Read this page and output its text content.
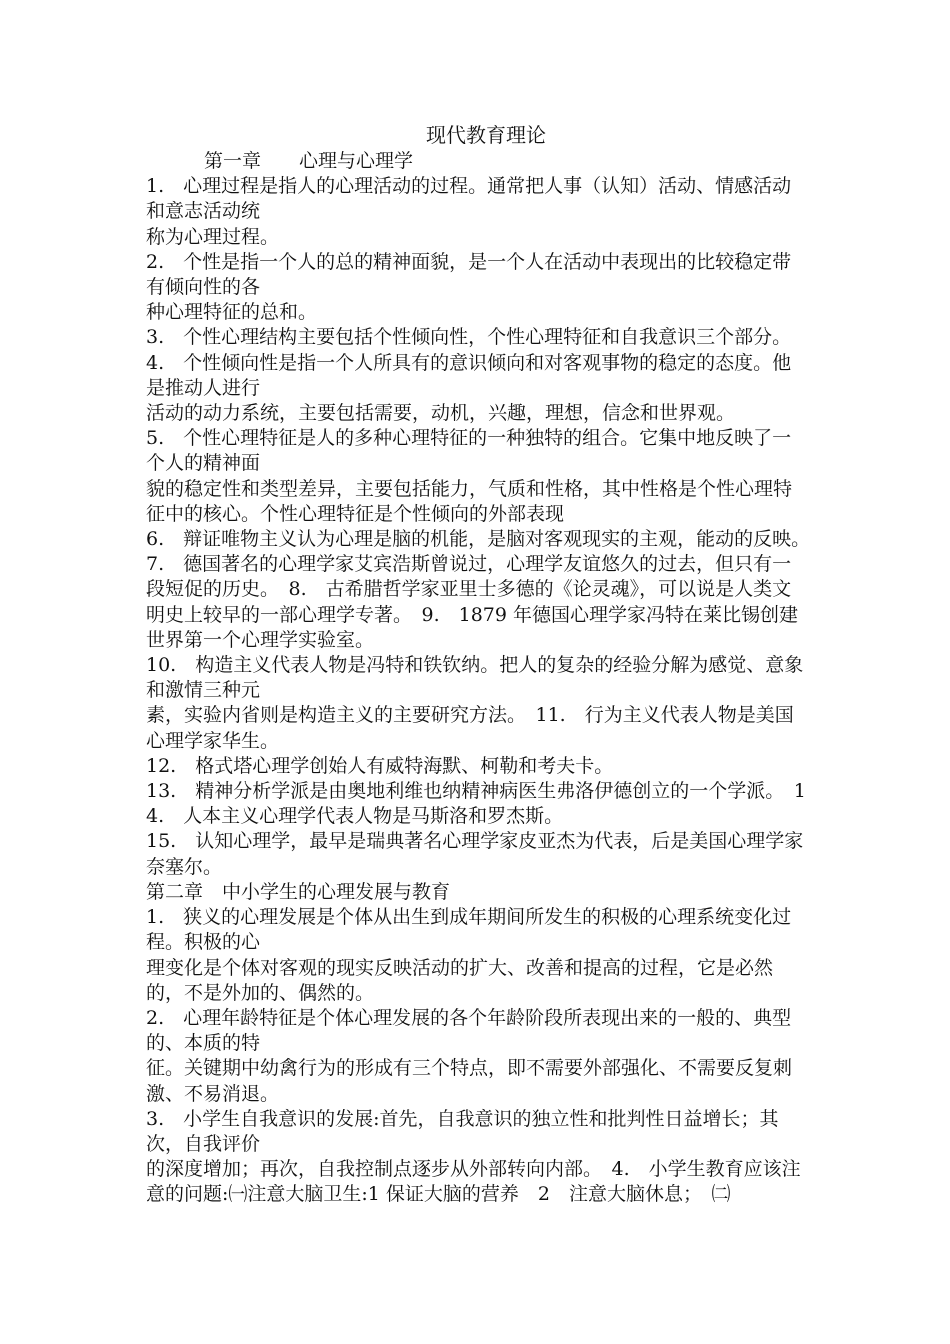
现代教育理论

第一章　　心理与心理学

1.　心理过程是指人的心理活动的过程。通常把人事（认知）活动、情感活动和意志活动统

称为心理过程。

2.　个性是指一个人的总的精神面貌，是一个人在活动中表现出的比较稳定带有倾向性的各

种心理特征的总和。

3.　个性心理结构主要包括个性倾向性，个性心理特征和自我意识三个部分。　4.　个性倾向性是指一个人所具有的意识倾向和对客观事物的稳定的态度。他是推动人进行

活动的动力系统，主要包括需要，动机，兴趣，理想，信念和世界观。

5.　个性心理特征是人的多种心理特征的一种独特的组合。它集中地反映了一个人的精神面

貌的稳定性和类型差异，主要包括能力，气质和性格，其中性格是个性心理特征中的核心。个性心理特征是个性倾向的外部表现

6.　辩证唯物主义认为心理是脑的机能，是脑对客观现实的主观，能动的反映。　7.　德国著名的心理学家艾宾浩斯曾说过，心理学友谊悠久的过去，但只有一段短促的历史。　8.　古希腊哲学家亚里士多德的《论灵魂》，可以说是人类文明史上较早的一部心理学专著。　9.　1879 年德国心理学家冯特在莱比锡创建世界第一个心理学实验室。

10.　构造主义代表人物是冯特和铁钦纳。把人的复杂的经验分解为感觉、意象和激情三种元

素，实验内省则是构造主义的主要研究方法。　11.　行为主义代表人物是美国心理学家华生。

12.　格式塔心理学创始人有威特海默、柯勒和考夫卡。

13.　精神分析学派是由奥地利维也纳精神病医生弗洛伊德创立的一个学派。　14.　人本主义心理学代表人物是马斯洛和罗杰斯。

15.　认知心理学，最早是瑞典著名心理学家皮亚杰为代表，后是美国心理学家奈塞尔。

第二章　中小学生的心理发展与教育

1.　狭义的心理发展是个体从出生到成年期间所发生的积极的心理系统变化过程。积极的心

理变化是个体对客观的现实反映活动的扩大、改善和提高的过程，它是必然的，不是外加的、偶然的。

2.　心理年龄特征是个体心理发展的各个年龄阶段所表现出来的一般的、典型的、本质的特

征。关键期中幼禽行为的形成有三个特点，即不需要外部强化、不需要反复刺激、不易消退。

3.　小学生自我意识的发展:首先，自我意识的独立性和批判性日益增长；其次，自我评价

的深度增加；再次，自我控制点逐步从外部转向内部。　4.　小学生教育应该注意的问题:㈠注意大脑卫生:1 保证大脑的营养　2　注意大脑休息；　㈡
